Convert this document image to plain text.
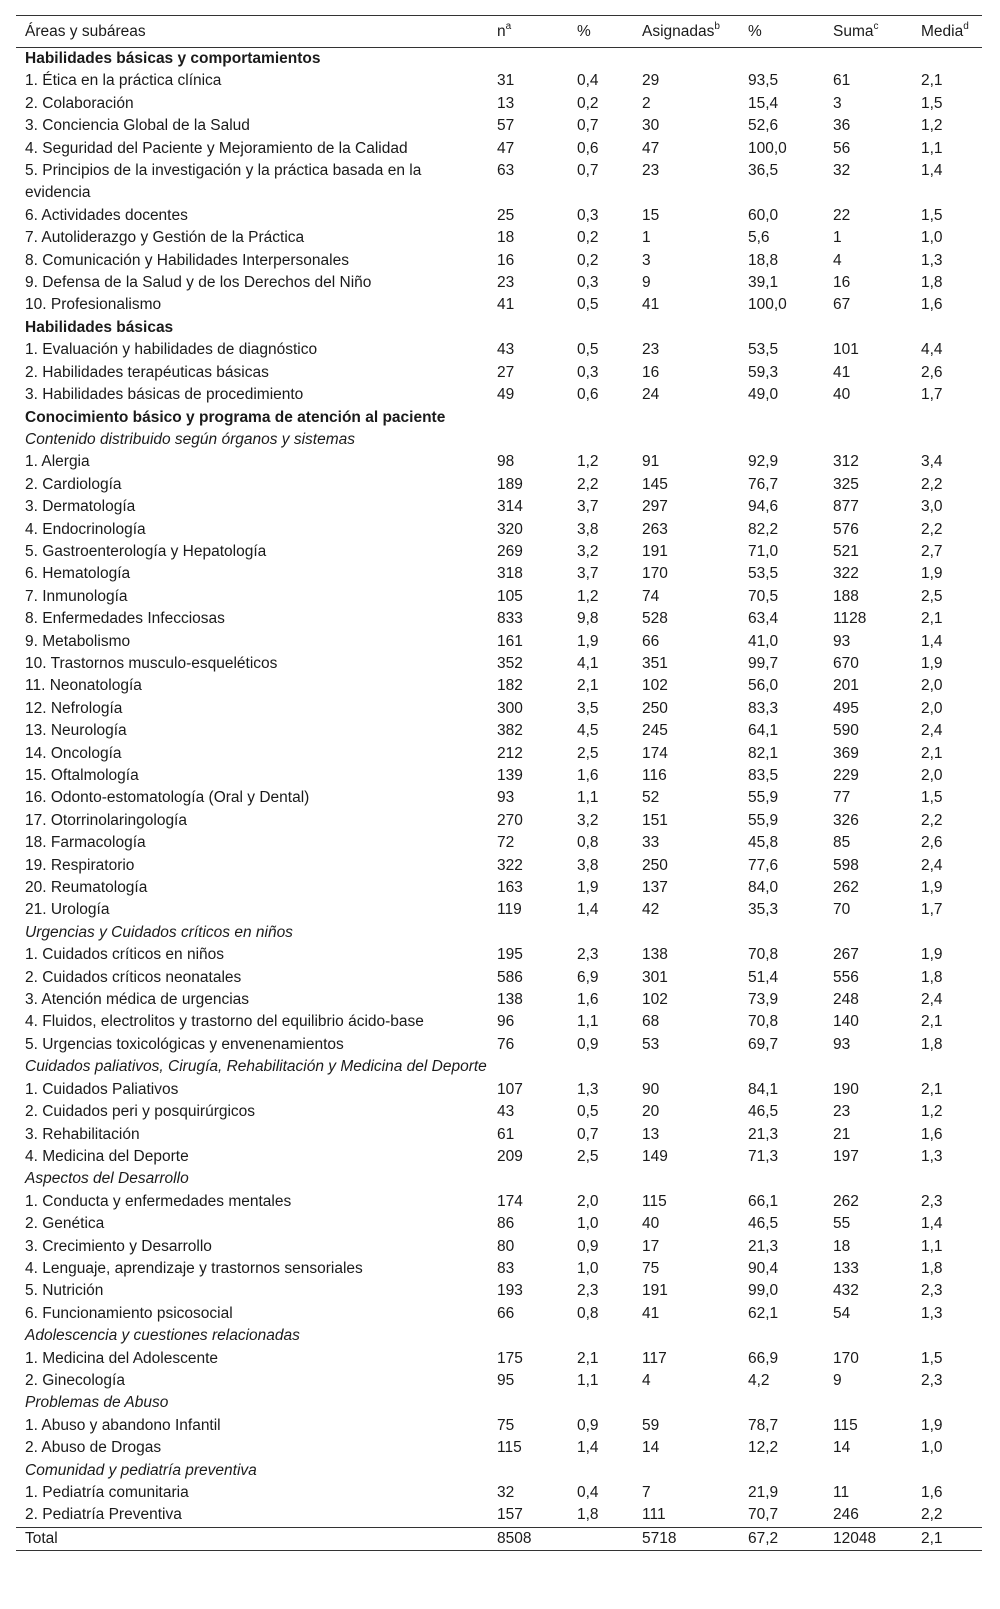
Áreas y subáreas	$n^a$	%	Asignadas$^b$	%	Suma$^c$	Media$^d$
Habilidades básicas y comportamientos						
1. Ética en la práctica clínica	31	0,4	29	93,5	61	2,1
2. Colaboración	13	0,2	2	15,4	3	1,5
3. Conciencia Global de la Salud	57	0,7	30	52,6	36	1,2
4. Seguridad del Paciente y Mejoramiento de la Calidad	47	0,6	47	100,0	56	1,1
5. Principios de la investigación y la práctica basada en la evidencia	63	0,7	23	36,5	32	1,4
6. Actividades docentes	25	0,3	15	60,0	22	1,5
7. Autoliderazgo y Gestión de la Práctica	18	0,2	1	5,6	1	1,0
8. Comunicación y Habilidades Interpersonales	16	0,2	3	18,8	4	1,3
9. Defensa de la Salud y de los Derechos del Niño	23	0,3	9	39,1	16	1,8
10. Profesionalismo	41	0,5	41	100,0	67	1,6
Habilidades básicas						
1. Evaluación y habilidades de diagnóstico	43	0,5	23	53,5	101	4,4
2. Habilidades terapéuticas básicas	27	0,3	16	59,3	41	2,6
3. Habilidades básicas de procedimiento	49	0,6	24	49,0	40	1,7
Conocimiento básico y programa de atención al paciente						
Contenido distribuido según órganos y sistemas						
1. Alergia	98	1,2	91	92,9	312	3,4
2. Cardiología	189	2,2	145	76,7	325	2,2
3. Dermatología	314	3,7	297	94,6	877	3,0
4. Endocrinología	320	3,8	263	82,2	576	2,2
5. Gastroenterología y Hepatología	269	3,2	191	71,0	521	2,7
6. Hematología	318	3,7	170	53,5	322	1,9
7. Inmunología	105	1,2	74	70,5	188	2,5
8. Enfermedades Infecciosas	833	9,8	528	63,4	1128	2,1
9. Metabolismo	161	1,9	66	41,0	93	1,4
10. Trastornos musculo-esqueléticos	352	4,1	351	99,7	670	1,9
11. Neonatología	182	2,1	102	56,0	201	2,0
12. Nefrología	300	3,5	250	83,3	495	2,0
13. Neurología	382	4,5	245	64,1	590	2,4
14. Oncología	212	2,5	174	82,1	369	2,1
15. Oftalmología	139	1,6	116	83,5	229	2,0
16. Odonto-estomatología (Oral y Dental)	93	1,1	52	55,9	77	1,5
17. Otorrinolaringología	270	3,2	151	55,9	326	2,2
18. Farmacología	72	0,8	33	45,8	85	2,6
19. Respiratorio	322	3,8	250	77,6	598	2,4
20. Reumatología	163	1,9	137	84,0	262	1,9
21. Urología	119	1,4	42	35,3	70	1,7
Urgencias y Cuidados críticos en niños						
1. Cuidados críticos en niños	195	2,3	138	70,8	267	1,9
2. Cuidados críticos neonatales	586	6,9	301	51,4	556	1,8
3. Atención médica de urgencias	138	1,6	102	73,9	248	2,4
4. Fluidos, electrolitos y trastorno del equilibrio ácido-base	96	1,1	68	70,8	140	2,1
5. Urgencias toxicológicas y envenenamientos	76	0,9	53	69,7	93	1,8
Cuidados paliativos, Cirugía, Rehabilitación y Medicina del Deporte						
1. Cuidados Paliativos	107	1,3	90	84,1	190	2,1
2. Cuidados peri y posquirúrgicos	43	0,5	20	46,5	23	1,2
3. Rehabilitación	61	0,7	13	21,3	21	1,6
4. Medicina del Deporte	209	2,5	149	71,3	197	1,3
Aspectos del Desarrollo						
1. Conducta y enfermedades mentales	174	2,0	115	66,1	262	2,3
2. Genética	86	1,0	40	46,5	55	1,4
3. Crecimiento y Desarrollo	80	0,9	17	21,3	18	1,1
4. Lenguaje, aprendizaje y trastornos sensoriales	83	1,0	75	90,4	133	1,8
5. Nutrición	193	2,3	191	99,0	432	2,3
6. Funcionamiento psicosocial	66	0,8	41	62,1	54	1,3
Adolescencia y cuestiones relacionadas						
1. Medicina del Adolescente	175	2,1	117	66,9	170	1,5
2. Ginecología	95	1,1	4	4,2	9	2,3
Problemas de Abuso						
1. Abuso y abandono Infantil	75	0,9	59	78,7	115	1,9
2. Abuso de Drogas	115	1,4	14	12,2	14	1,0
Comunidad y pediatría preventiva						
1. Pediatría comunitaria	32	0,4	7	21,9	11	1,6
2. Pediatría Preventiva	157	1,8	111	70,7	246	2,2
Total	8508		5718	67,2	12048	2,1
